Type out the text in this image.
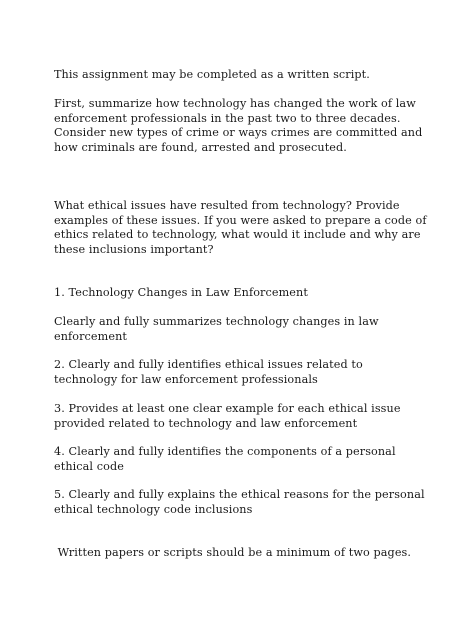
This assignment may be completed as a written script.

First, summarize how technology has changed the work of law
enforcement professionals in the past two to three decades.
Consider new types of crime or ways crimes are committed and
how criminals are found, arrested and prosecuted.

What ethical issues have resulted from technology? Provide
examples of these issues. If you were asked to prepare a code of
ethics related to technology, what would it include and why are
these inclusions important?

1. Technology Changes in Law Enforcement

Clearly and fully summarizes technology changes in law
enforcement

2. Clearly and fully identifies ethical issues related to
technology for law enforcement professionals

3. Provides at least one clear example for each ethical issue
provided related to technology and law enforcement

4. Clearly and fully identifies the components of a personal
ethical code

5. Clearly and fully explains the ethical reasons for the personal
ethical technology code inclusions

Written papers or scripts should be a minimum of two pages.
